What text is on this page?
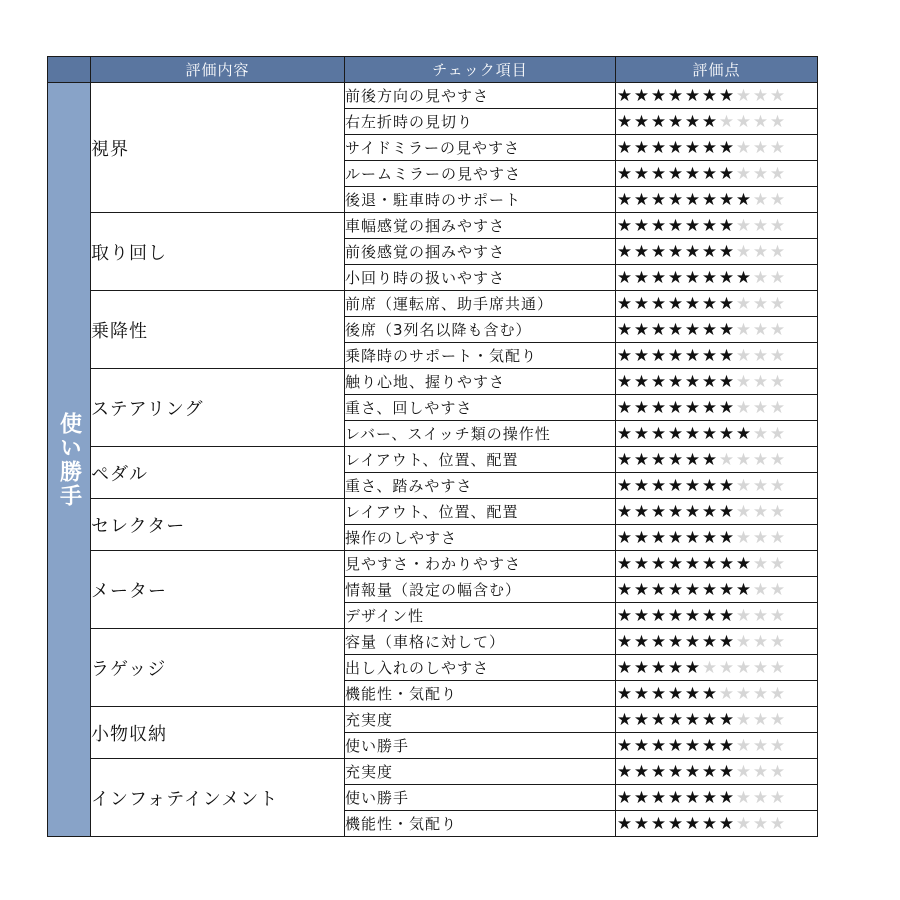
	評価内容	チェック項目	評価点
使い勝手	視界	前後方向の見やすさ	★ ★ ★ ★ ★ ★ ★ ★ ★ ★
		右左折時の見切り	★ ★ ★ ★ ★ ★ ★ ★ ★ ★
		サイドミラーの見やすさ	★ ★ ★ ★ ★ ★ ★ ★ ★ ★
		ルームミラーの見やすさ	★ ★ ★ ★ ★ ★ ★ ★ ★ ★
		後退・駐車時のサポート	★ ★ ★ ★ ★ ★ ★ ★ ★ ★
	取り回し	車幅感覚の掴みやすさ	★ ★ ★ ★ ★ ★ ★ ★ ★ ★
		前後感覚の掴みやすさ	★ ★ ★ ★ ★ ★ ★ ★ ★ ★
		小回り時の扱いやすさ	★ ★ ★ ★ ★ ★ ★ ★ ★ ★
	乗降性	前席（運転席、助手席共通）	★ ★ ★ ★ ★ ★ ★ ★ ★ ★
		後席（3列名以降も含む）	★ ★ ★ ★ ★ ★ ★ ★ ★ ★
		乗降時のサポート・気配り	★ ★ ★ ★ ★ ★ ★ ★ ★ ★
	ステアリング	触り心地、握りやすさ	★ ★ ★ ★ ★ ★ ★ ★ ★ ★
		重さ、回しやすさ	★ ★ ★ ★ ★ ★ ★ ★ ★ ★
		レバー、スイッチ類の操作性	★ ★ ★ ★ ★ ★ ★ ★ ★ ★
	ペダル	レイアウト、位置、配置	★ ★ ★ ★ ★ ★ ★ ★ ★ ★
		重さ、踏みやすさ	★ ★ ★ ★ ★ ★ ★ ★ ★ ★
	セレクター	レイアウト、位置、配置	★ ★ ★ ★ ★ ★ ★ ★ ★ ★
		操作のしやすさ	★ ★ ★ ★ ★ ★ ★ ★ ★ ★
	メーター	見やすさ・わかりやすさ	★ ★ ★ ★ ★ ★ ★ ★ ★ ★
		情報量（設定の幅含む）	★ ★ ★ ★ ★ ★ ★ ★ ★ ★
		デザイン性	★ ★ ★ ★ ★ ★ ★ ★ ★ ★
	ラゲッジ	容量（車格に対して）	★ ★ ★ ★ ★ ★ ★ ★ ★ ★
		出し入れのしやすさ	★ ★ ★ ★ ★ ★ ★ ★ ★ ★
		機能性・気配り	★ ★ ★ ★ ★ ★ ★ ★ ★ ★
	小物収納	充実度	★ ★ ★ ★ ★ ★ ★ ★ ★ ★
		使い勝手	★ ★ ★ ★ ★ ★ ★ ★ ★ ★
	インフォテインメント	充実度	★ ★ ★ ★ ★ ★ ★ ★ ★ ★
		使い勝手	★ ★ ★ ★ ★ ★ ★ ★ ★ ★
		機能性・気配り	★ ★ ★ ★ ★ ★ ★ ★ ★ ★
